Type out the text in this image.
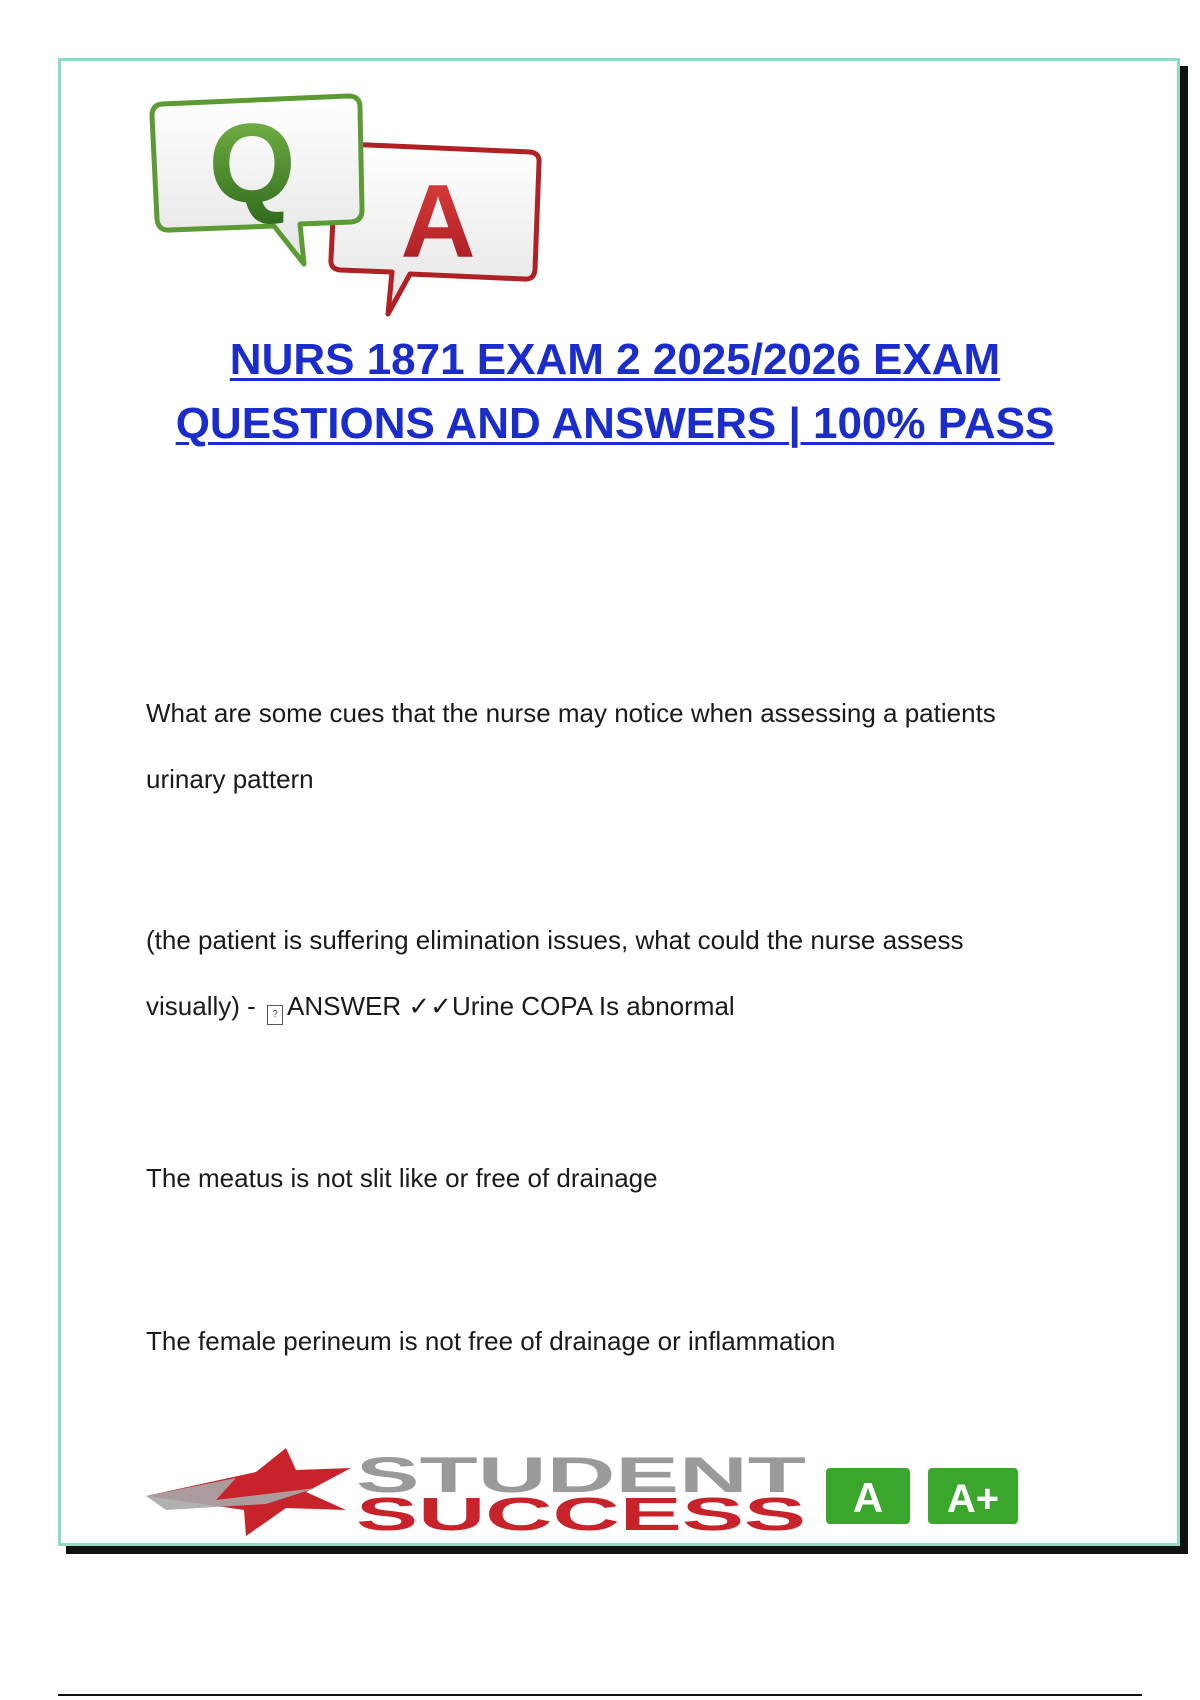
Q A
NURS 1871 EXAM 2 2025/2026 EXAM QUESTIONS AND ANSWERS | 100% PASS

What are some cues that the nurse may notice when assessing a patients
urinary pattern

(the patient is suffering elimination issues, what could the nurse assess
visually) - ? ANSWER ✓✓Urine COPA Is abnormal

The meatus is not slit like or free of drainage

The female perineum is not free of drainage or inflammation

STUDENT
SUCCESS A A+
